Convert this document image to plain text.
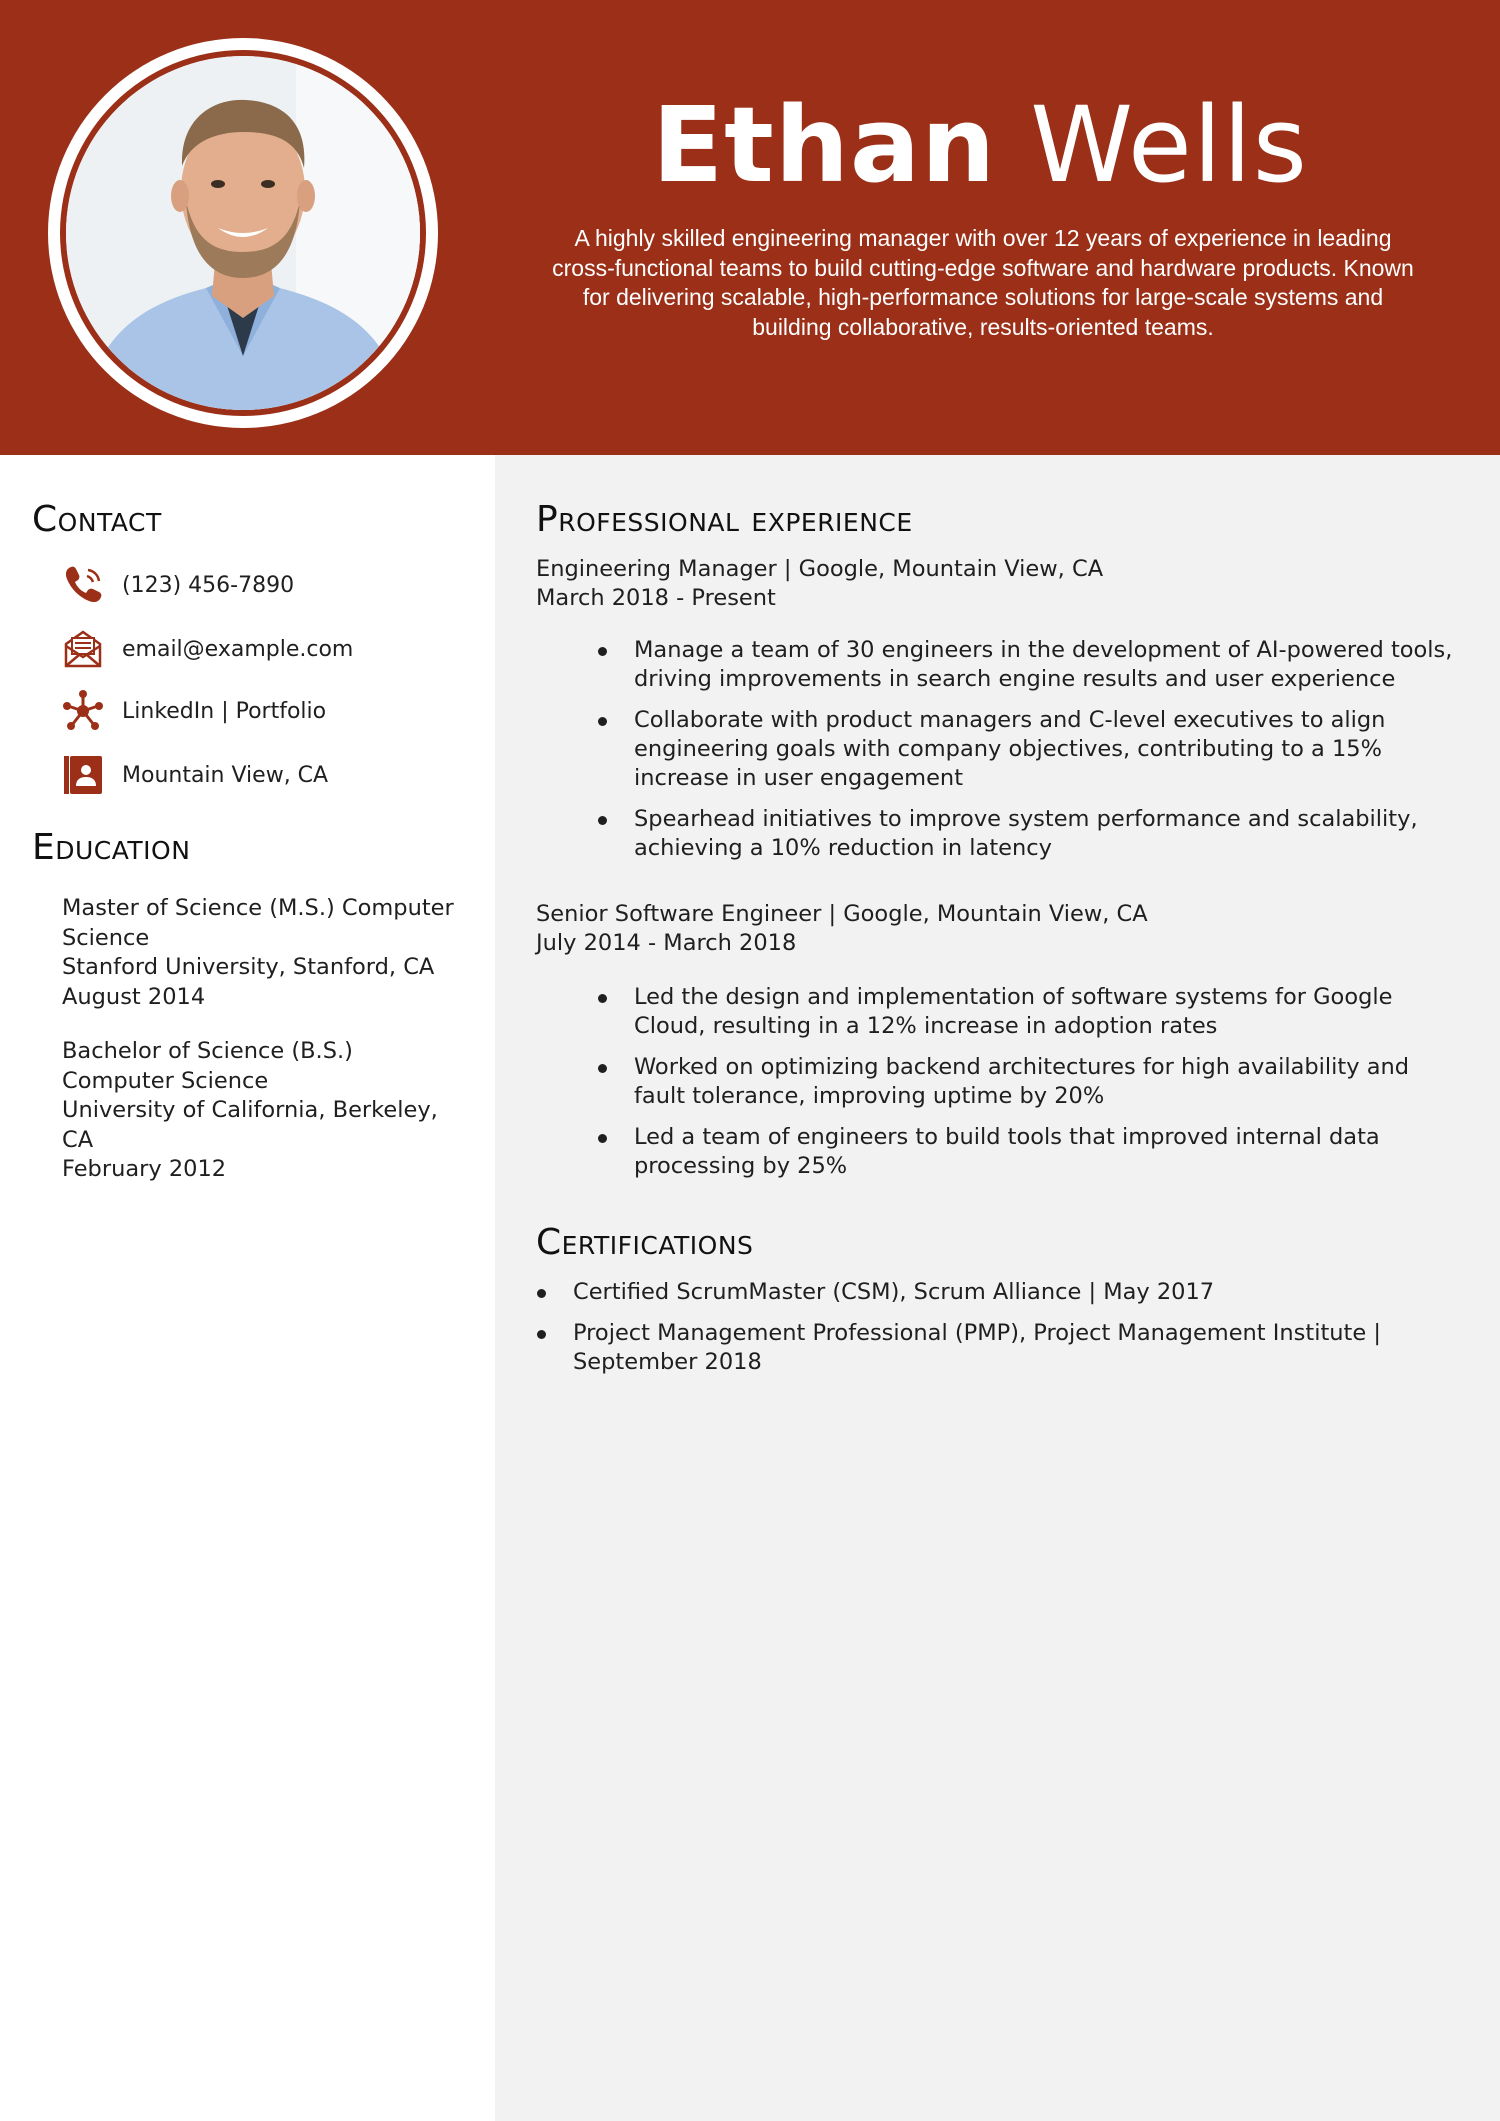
Ethan Wells

A highly skilled engineering manager with over 12 years of experience in leading cross-functional teams to build cutting-edge software and hardware products. Known for delivering scalable, high-performance solutions for large-scale systems and building collaborative, results-oriented teams.

Contact
(123) 456-7890
email@example.com
LinkedIn | Portfolio
Mountain View, CA
Education
Master of Science (M.S.) Computer Science
Stanford University, Stanford, CA
August 2014
Bachelor of Science (B.S.) Computer Science
University of California, Berkeley, CA
February 2012
Professional experience
Engineering Manager | Google, Mountain View, CA
March 2018 - Present
Manage a team of 30 engineers in the development of AI-powered tools, driving improvements in search engine results and user experience
Collaborate with product managers and C-level executives to align engineering goals with company objectives, contributing to a 15% increase in user engagement
Spearhead initiatives to improve system performance and scalability, achieving a 10% reduction in latency
Senior Software Engineer | Google, Mountain View, CA
July 2014 - March 2018
Led the design and implementation of software systems for Google Cloud, resulting in a 12% increase in adoption rates
Worked on optimizing backend architectures for high availability and fault tolerance, improving uptime by 20%
Led a team of engineers to build tools that improved internal data processing by 25%
Certifications
Certified ScrumMaster (CSM), Scrum Alliance | May 2017
Project Management Professional (PMP), Project Management Institute | September 2018
